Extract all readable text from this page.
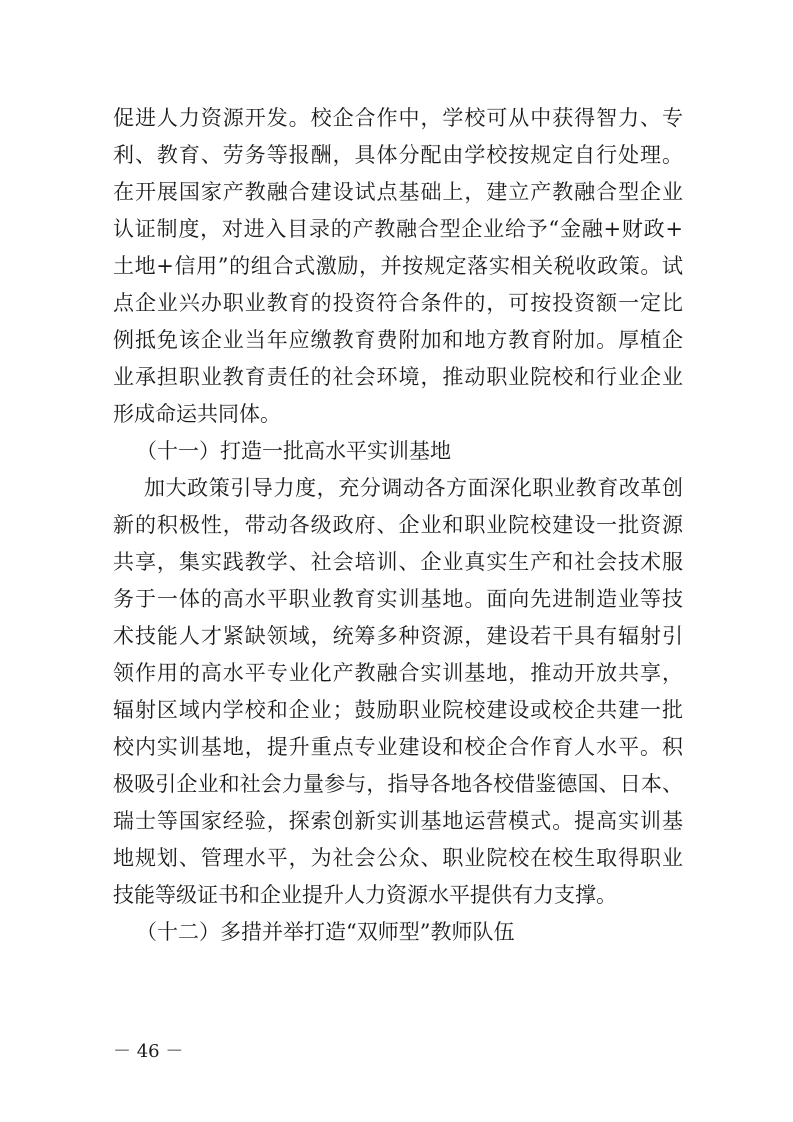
促进人力资源开发。校企合作中，学校可从中获得智力、专
利、教育、劳务等报酬，具体分配由学校按规定自行处理。
在开展国家产教融合建设试点基础上，建立产教融合型企业
认证制度，对进入目录的产教融合型企业给予“金融+财政+
土地+信用”的组合式激励，并按规定落实相关税收政策。试
点企业兴办职业教育的投资符合条件的，可按投资额一定比
例抵免该企业当年应缴教育费附加和地方教育附加。厚植企
业承担职业教育责任的社会环境，推动职业院校和行业企业
形成命运共同体。
（十一）打造一批高水平实训基地
加大政策引导力度，充分调动各方面深化职业教育改革创
新的积极性，带动各级政府、企业和职业院校建设一批资源
共享，集实践教学、社会培训、企业真实生产和社会技术服
务于一体的高水平职业教育实训基地。面向先进制造业等技
术技能人才紧缺领域，统筹多种资源，建设若干具有辐射引
领作用的高水平专业化产教融合实训基地，推动开放共享，
辐射区域内学校和企业；鼓励职业院校建设或校企共建一批
校内实训基地，提升重点专业建设和校企合作育人水平。积
极吸引企业和社会力量参与，指导各地各校借鉴德国、日本、
瑞士等国家经验，探索创新实训基地运营模式。提高实训基
地规划、管理水平，为社会公众、职业院校在校生取得职业
技能等级证书和企业提升人力资源水平提供有力支撑。
（十二）多措并举打造“双师型”教师队伍
－ 46 －
